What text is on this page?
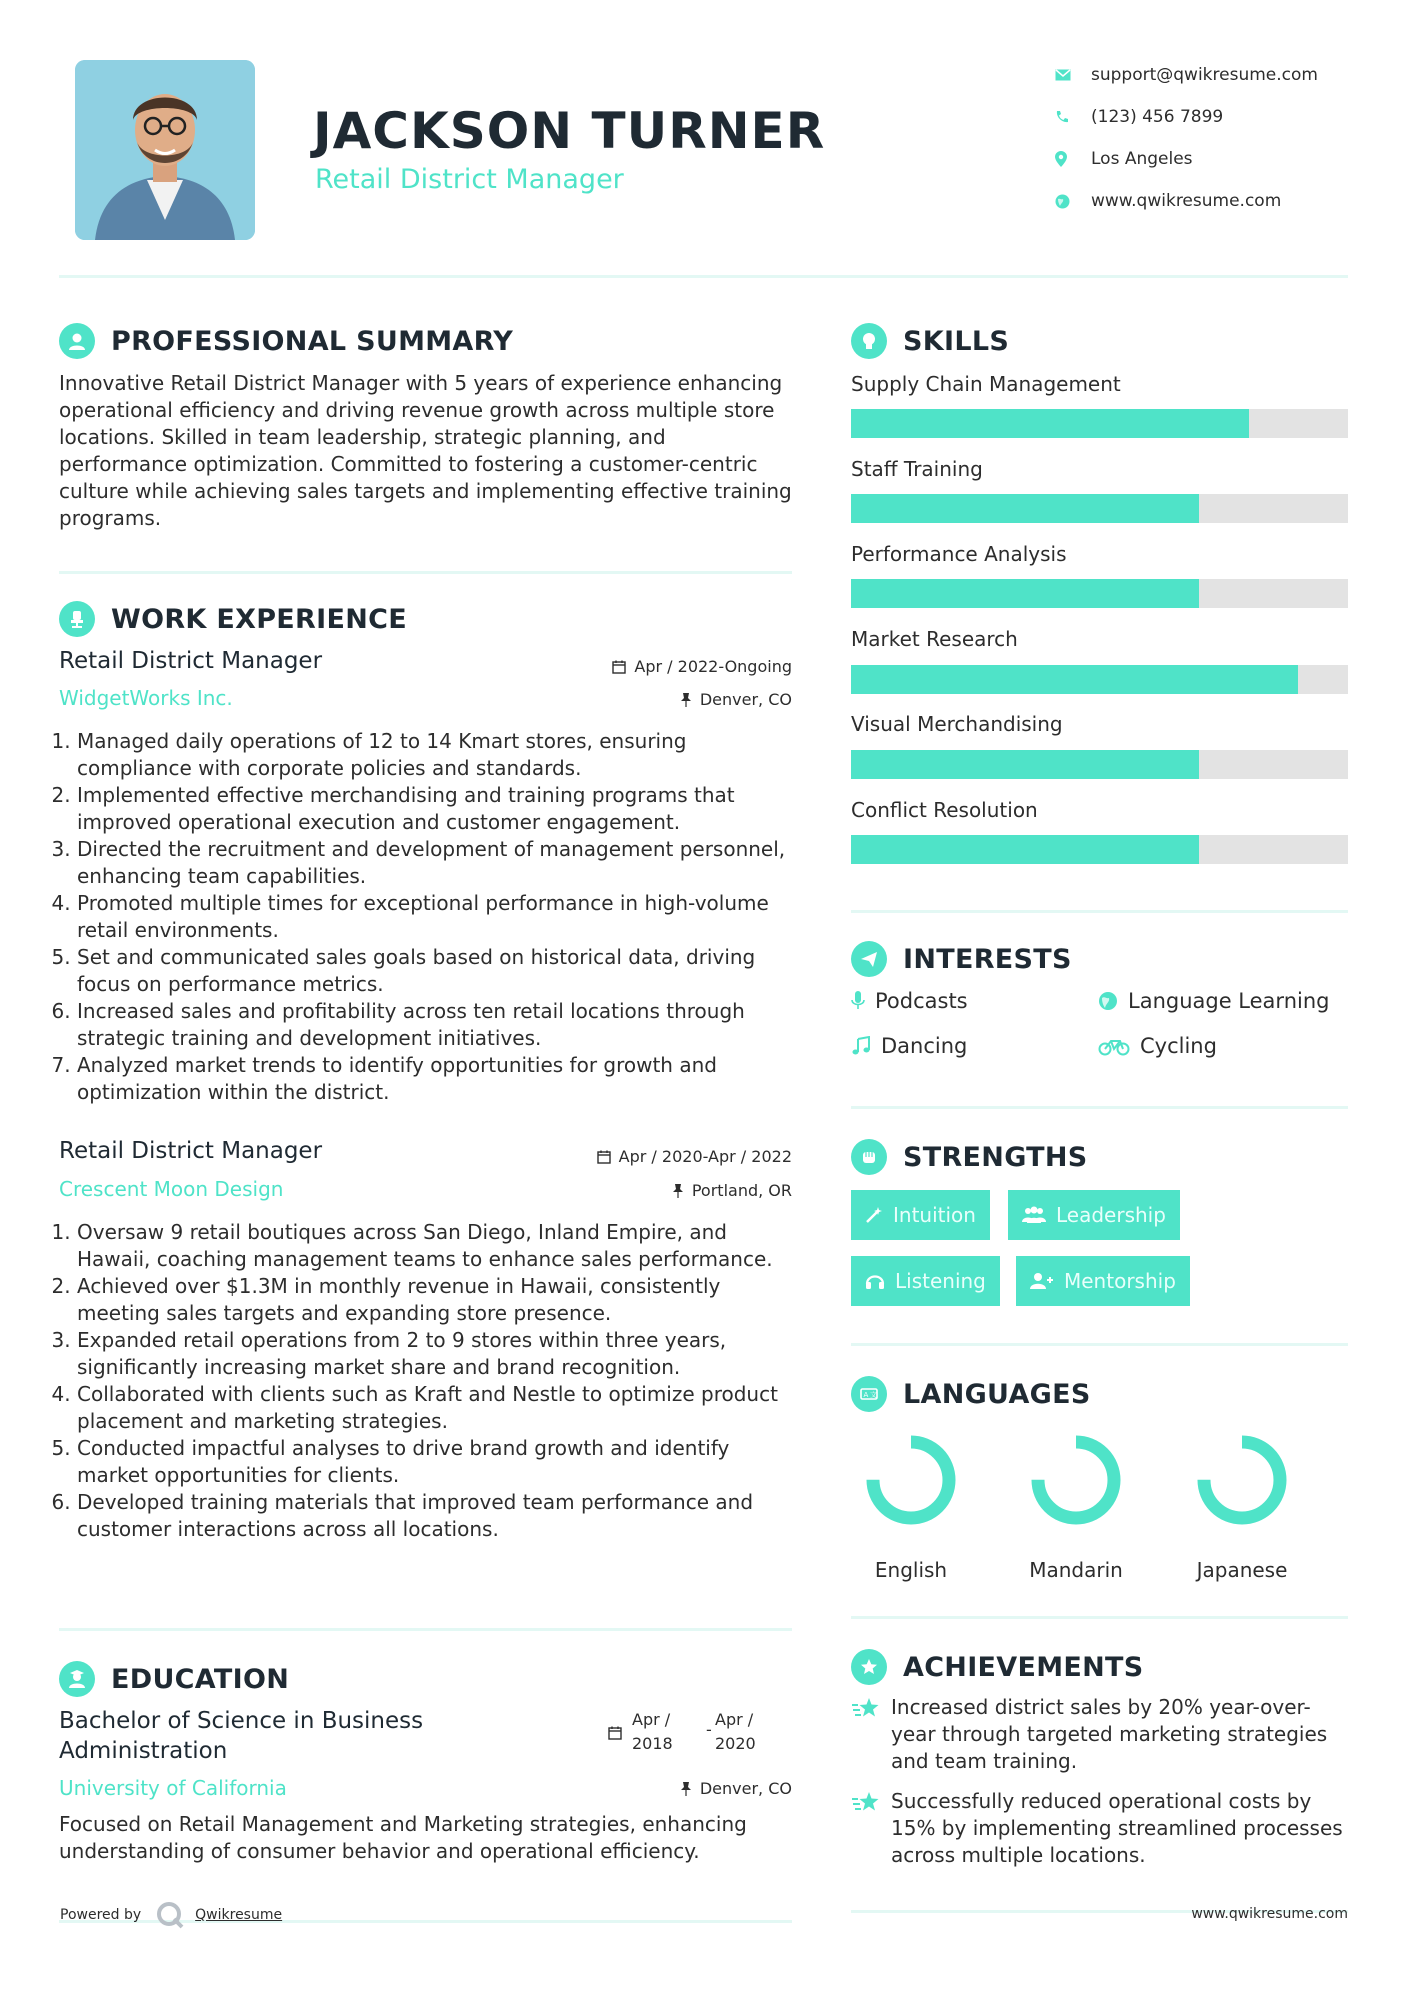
JACKSON TURNER
Retail District Manager
support@qwikresume.com
(123) 456 7899
Los Angeles
www.qwikresume.com
PROFESSIONAL SUMMARY
Innovative Retail District Manager with 5 years of experience enhancing operational efficiency and driving revenue growth across multiple store locations. Skilled in team leadership, strategic planning, and performance optimization. Committed to fostering a customer-centric culture while achieving sales targets and implementing effective training programs.
WORK EXPERIENCE
Retail District Manager	Apr / 2022-Ongoing
WidgetWorks Inc.	Denver, CO
1. Managed daily operations of 12 to 14 Kmart stores, ensuring compliance with corporate policies and standards.
2. Implemented effective merchandising and training programs that improved operational execution and customer engagement.
3. Directed the recruitment and development of management personnel, enhancing team capabilities.
4. Promoted multiple times for exceptional performance in high-volume retail environments.
5. Set and communicated sales goals based on historical data, driving focus on performance metrics.
6. Increased sales and profitability across ten retail locations through strategic training and development initiatives.
7. Analyzed market trends to identify opportunities for growth and optimization within the district.
Retail District Manager	Apr / 2020-Apr / 2022
Crescent Moon Design	Portland, OR
1. Oversaw 9 retail boutiques across San Diego, Inland Empire, and Hawaii, coaching management teams to enhance sales performance.
2. Achieved over $1.3M in monthly revenue in Hawaii, consistently meeting sales targets and expanding store presence.
3. Expanded retail operations from 2 to 9 stores within three years, significantly increasing market share and brand recognition.
4. Collaborated with clients such as Kraft and Nestle to optimize product placement and marketing strategies.
5. Conducted impactful analyses to drive brand growth and identify market opportunities for clients.
6. Developed training materials that improved team performance and customer interactions across all locations.
EDUCATION
Bachelor of Science in Business
Administration
Apr /
2018
-
Apr /
2020
University of California	Denver, CO
Focused on Retail Management and Marketing strategies, enhancing understanding of consumer behavior and operational efficiency.
SKILLS
Supply Chain Management
Staff Training
Performance Analysis
Market Research
Visual Merchandising
Conflict Resolution
INTERESTS
Podcasts	Language Learning
Dancing	Cycling
STRENGTHS
Intuition	Leadership
Listening	Mentorship
A 文 LANGUAGES
English	Mandarin	Japanese
ACHIEVEMENTS
Increased district sales by 20% year-over-year through targeted marketing strategies and team training.
Successfully reduced operational costs by 15% by implementing streamlined processes across multiple locations.
Powered by	Qwikresume	www.qwikresume.com
